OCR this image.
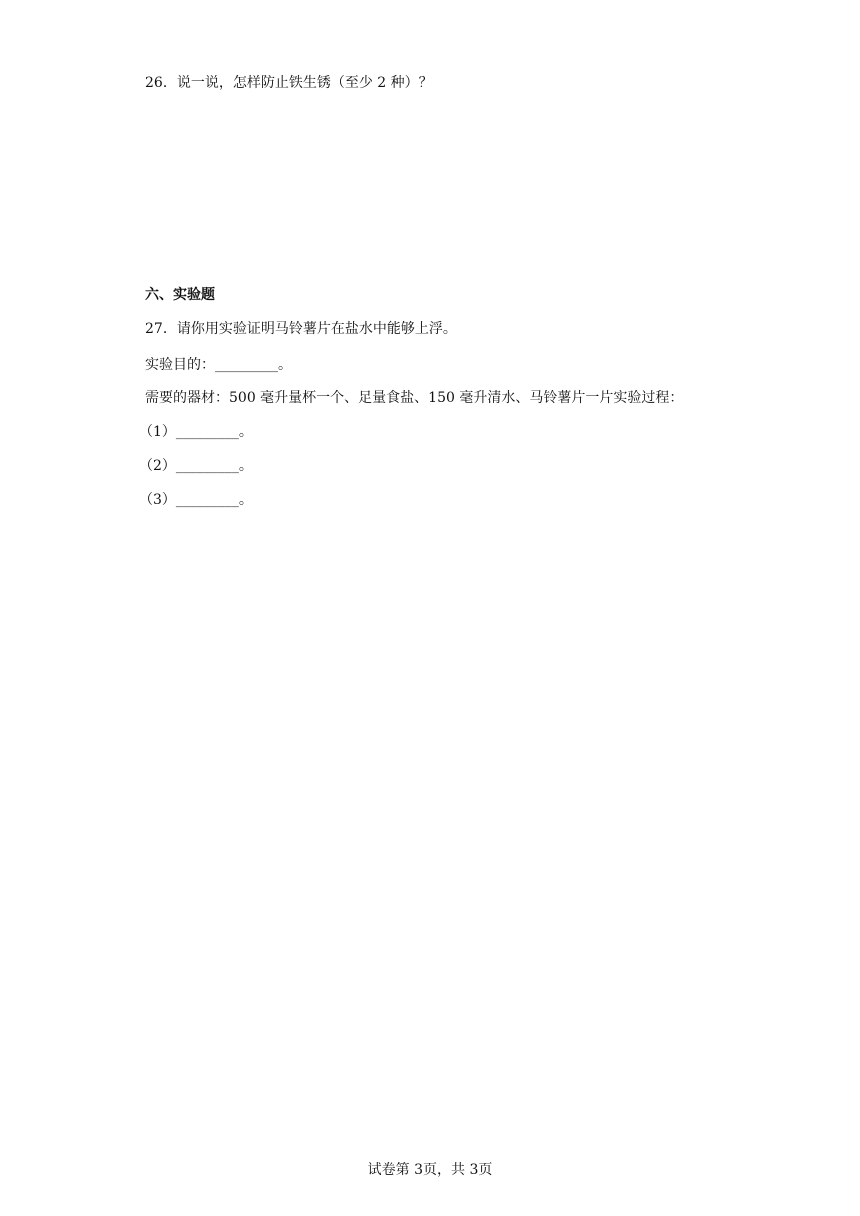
26．说一说，怎样防止铁生锈（至少 2 种）？
六、实验题
27．请你用实验证明马铃薯片在盐水中能够上浮。
实验目的：_________。
需要的器材：500 毫升量杯一个、足量食盐、150 毫升清水、马铃薯片一片实验过程：
（1）_________。
（2）_________。
（3）_________。
试卷第 3页，共 3页
